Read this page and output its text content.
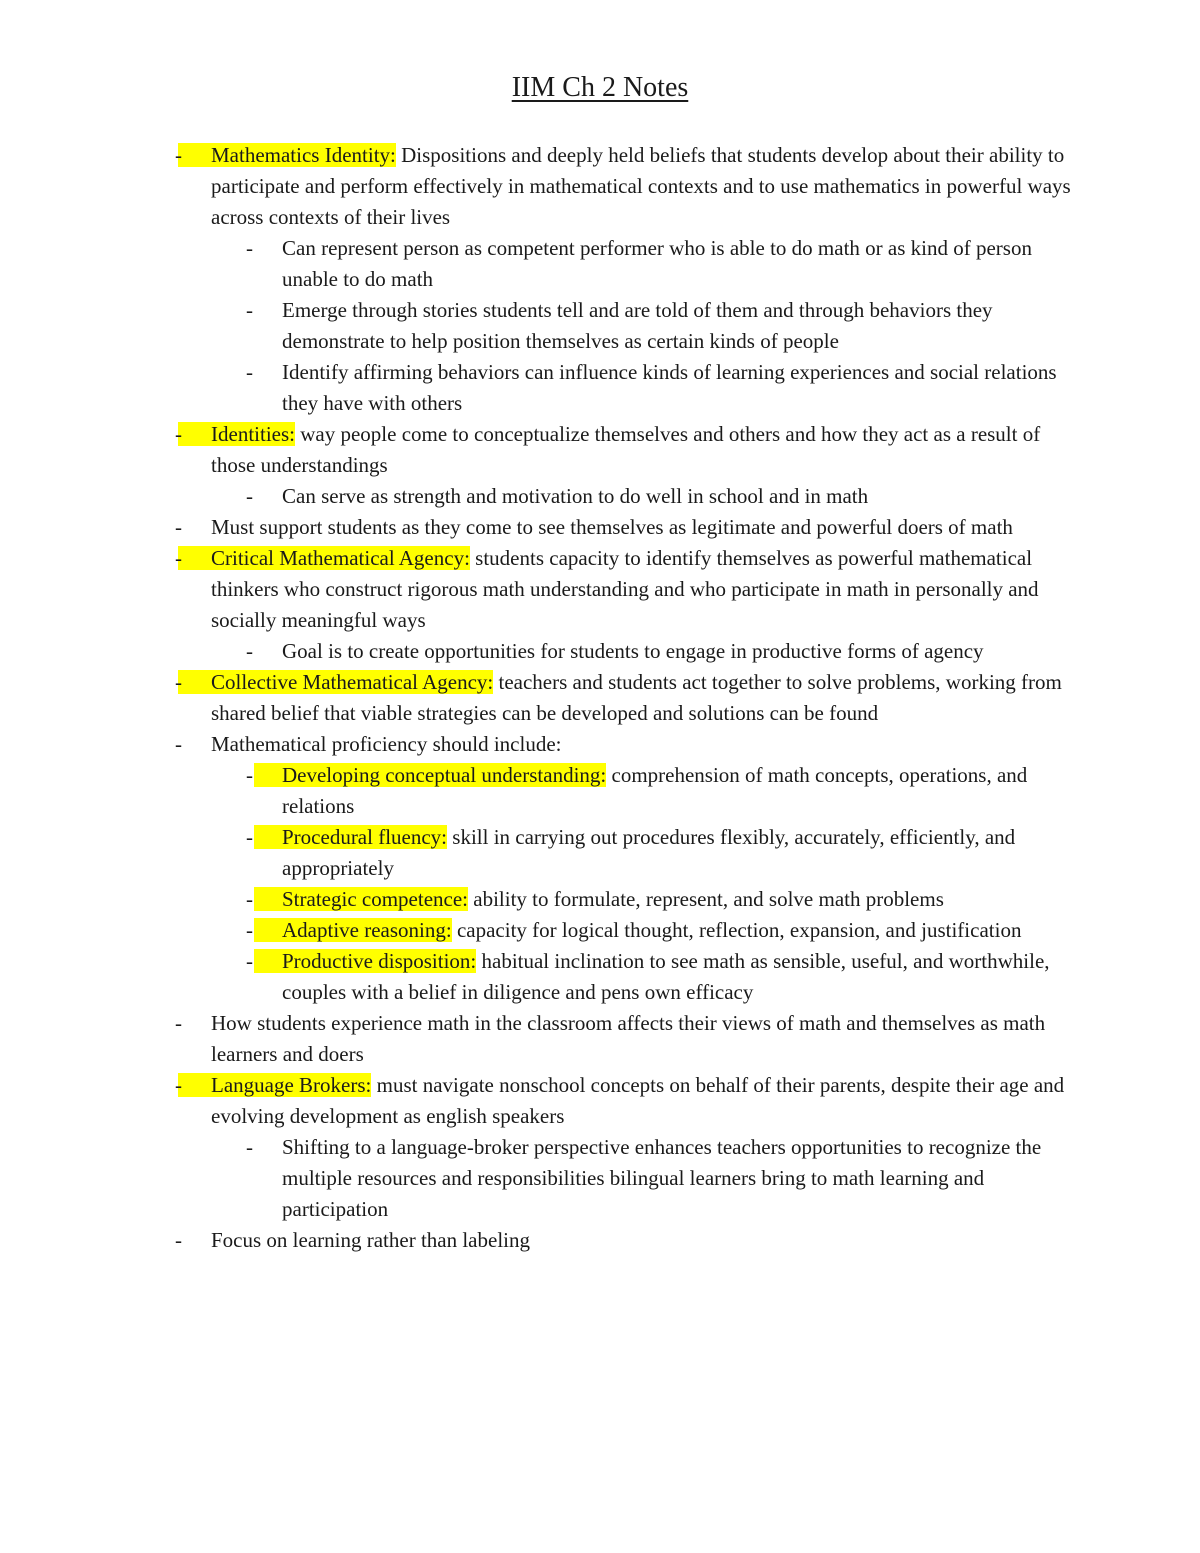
IIM Ch 2 Notes
- Mathematics Identity: Dispositions and deeply held beliefs that students develop about their ability to participate and perform effectively in mathematical contexts and to use mathematics in powerful ways across contexts of their lives
- Can represent person as competent performer who is able to do math or as kind of person unable to do math
- Emerge through stories students tell and are told of them and through behaviors they demonstrate to help position themselves as certain kinds of people
- Identify affirming behaviors can influence kinds of learning experiences and social relations they have with others
- Identities: way people come to conceptualize themselves and others and how they act as a result of those understandings
- Can serve as strength and motivation to do well in school and in math
- Must support students as they come to see themselves as legitimate and powerful doers of math
- Critical Mathematical Agency: students capacity to identify themselves as powerful mathematical thinkers who construct rigorous math understanding and who participate in math in personally and socially meaningful ways
- Goal is to create opportunities for students to engage in productive forms of agency
- Collective Mathematical Agency: teachers and students act together to solve problems, working from shared belief that viable strategies can be developed and solutions can be found
- Mathematical proficiency should include:
- Developing conceptual understanding: comprehension of math concepts, operations, and relations
- Procedural fluency: skill in carrying out procedures flexibly, accurately, efficiently, and appropriately
- Strategic competence: ability to formulate, represent, and solve math problems
- Adaptive reasoning: capacity for logical thought, reflection, expansion, and justification
- Productive disposition: habitual inclination to see math as sensible, useful, and worthwhile, couples with a belief in diligence and pens own efficacy
- How students experience math in the classroom affects their views of math and themselves as math learners and doers
- Language Brokers: must navigate nonschool concepts on behalf of their parents, despite their age and evolving development as english speakers
- Shifting to a language-broker perspective enhances teachers opportunities to recognize the multiple resources and responsibilities bilingual learners bring to math learning and participation
- Focus on learning rather than labeling
